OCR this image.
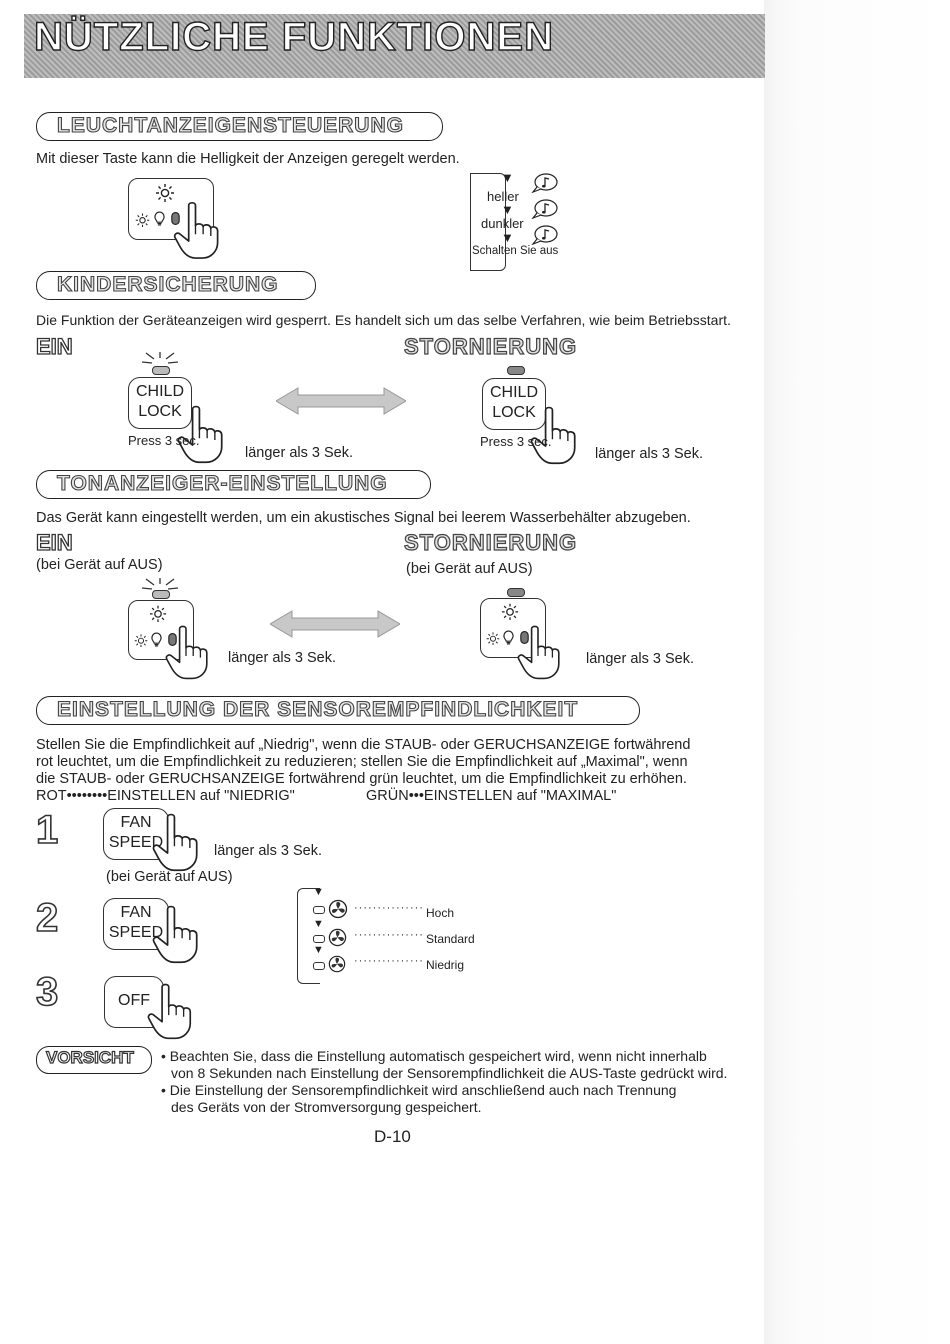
NÜTZLICHE FUNKTIONEN
LEUCHTANZEIGENSTEUERUNG
Mit dieser Taste kann die Helligkeit der Anzeigen geregelt werden.
▼
heller
▼
dunkler
▼
Schalten Sie aus
KINDERSICHERUNG
Die Funktion der Geräteanzeigen wird gesperrt. Es handelt sich um das selbe Verfahren, wie beim Betriebsstart.
EIN	STORNIERUNG
CHILD
LOCK
Press 3 sec.
länger als 3 Sek.
CHILD
LOCK
Press 3 sec.
länger als 3 Sek.
TONANZEIGER-EINSTELLUNG
Das Gerät kann eingestellt werden, um ein akustisches Signal bei leerem Wasserbehälter abzugeben.
EIN	STORNIERUNG
(bei Gerät auf AUS)	(bei Gerät auf AUS)
länger als 3 Sek.	länger als 3 Sek.
EINSTELLUNG DER SENSOREMPFINDLICHKEIT
Stellen Sie die Empfindlichkeit auf „Niedrig", wenn die STAUB- oder GERUCHSANZEIGE fortwährend
rot leuchtet, um die Empfindlichkeit zu reduzieren; stellen Sie die Empfindlichkeit auf „Maximal", wenn
die STAUB- oder GERUCHSANZEIGE fortwährend grün leuchtet, um die Empfindlichkeit zu erhöhen.
ROT••••••••EINSTELLEN auf "NIEDRIG"	GRÜN•••EINSTELLEN auf "MAXIMAL"
1	FAN
SPEED	länger als 3 Sek.
(bei Gerät auf AUS)
2	FAN
SPEED
▼
··············· Hoch
▼
··············· Standard
▼
··············· Niedrig
3	OFF
VORSICHT • Beachten Sie, dass die Einstellung automatisch gespeichert wird, wenn nicht innerhalb
von 8 Sekunden nach Einstellung der Sensorempfindlichkeit die AUS-Taste gedrückt wird.
• Die Einstellung der Sensorempfindlichkeit wird anschließend auch nach Trennung
des Geräts von der Stromversorgung gespeichert.
D-10
